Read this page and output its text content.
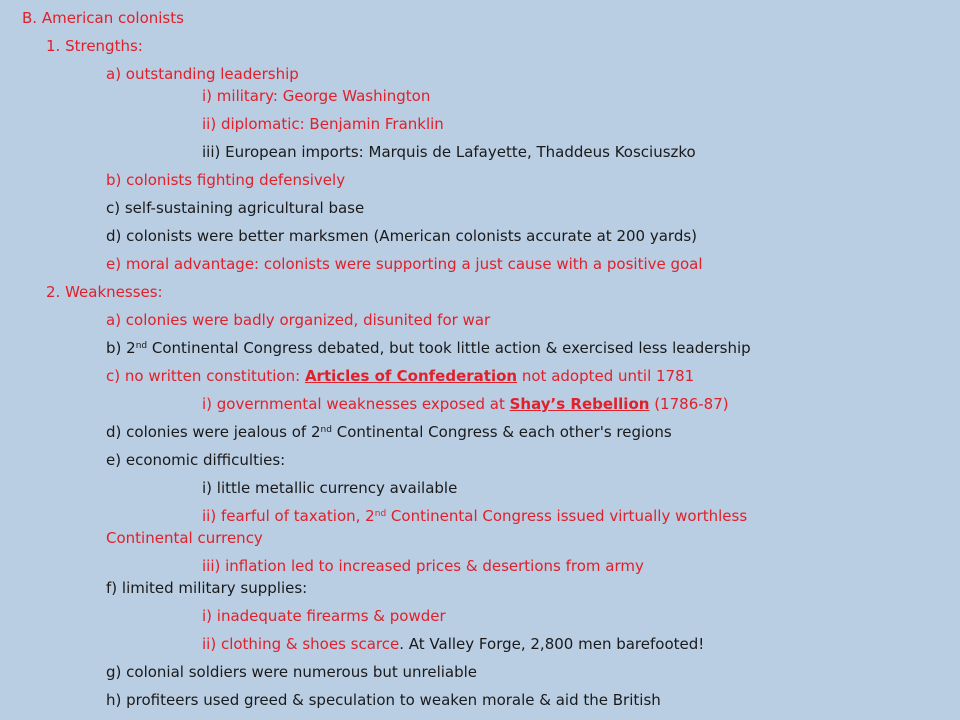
B. American colonists
1. Strengths:
a) outstanding leadership
i) military: George Washington
ii) diplomatic: Benjamin Franklin
iii) European imports: Marquis de Lafayette, Thaddeus Kosciuszko
b) colonists fighting defensively
c) self-sustaining agricultural base
d) colonists were better marksmen (American colonists accurate at 200 yards)
e) moral advantage: colonists were supporting a just cause with a positive goal
2. Weaknesses:
a) colonies were badly organized, disunited for war
b) 2nd Continental Congress debated, but took little action & exercised less leadership
c) no written constitution: Articles of Confederation not adopted until 1781
i) governmental weaknesses exposed at Shay’s Rebellion (1786-87)
d) colonies were jealous of 2nd Continental Congress & each other's regions
e) economic difficulties:
i) little metallic currency available
ii) fearful of taxation, 2nd Continental Congress issued virtually worthless
Continental currency
iii) inflation led to increased prices & desertions from army
f) limited military supplies:
i) inadequate firearms & powder
ii) clothing & shoes scarce. At Valley Forge, 2,800 men barefooted!
g) colonial soldiers were numerous but unreliable
h) profiteers used greed & speculation to weaken morale & aid the British
